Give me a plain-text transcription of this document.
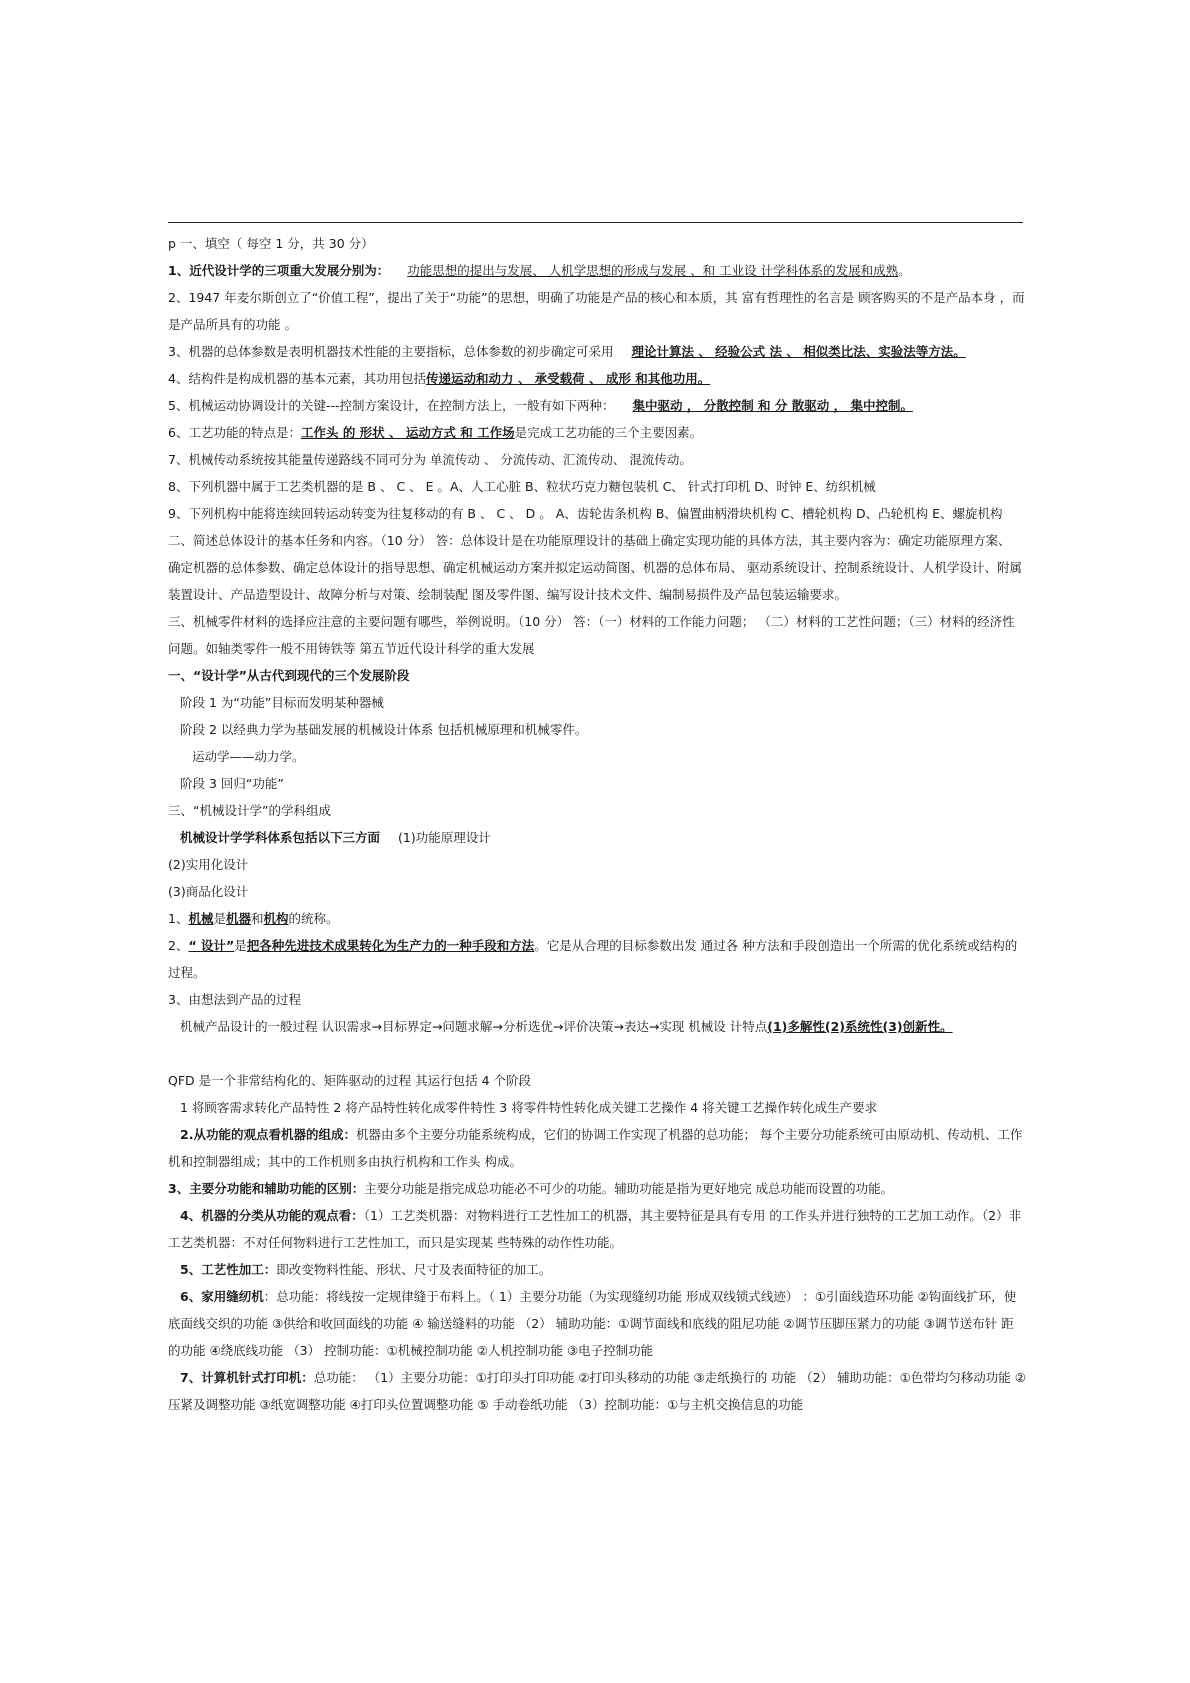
p 一、填空（ 每空 1 分，共 30 分）

1、近代设计学的三项重大发展分别为： 功能思想的提出与发展、 人机学思想的形成与发展 、和 工业设 计学科体系的发展和成熟。

2、1947 年麦尔斯创立了“价值工程”，提出了关于“功能”的思想，明确了功能是产品的核心和本质，其 富有哲理性的名言是 顾客购买的不是产品本身 ，而是产品所具有的功能 。

3、机器的总体参数是表明机器技术性能的主要指标，总体参数的初步确定可采用 理论计算法 、 经验公式 法 、 相似类比法、实验法等方法。

4、结构件是构成机器的基本元素，其功用包括传递运动和动力 、 承受载荷 、 成形 和其他功用。

5、机械运动协调设计的关键---控制方案设计，在控制方法上，一般有如下两种： 集中驱动 ， 分散控制 和 分 散驱动 ， 集中控制。

6、工艺功能的特点是：工作头 的 形状 、 运动方式 和 工作场是完成工艺功能的三个主要因素。

7、机械传动系统按其能量传递路线不同可分为 单流传动 、 分流传动、汇流传动、 混流传动。

8、下列机器中属于工艺类机器的是 B 、 C 、 E 。A、人工心脏 B、粒状巧克力糖包装机 C、 针式打印机 D、时钟 E、纺织机械

9、下列机构中能将连续回转运动转变为往复移动的有 B 、 C 、 D 。 A、齿轮齿条机构 B、偏置曲柄滑块机构 C、槽轮机构 D、凸轮机构 E、螺旋机构

二、简述总体设计的基本任务和内容。（10 分） 答：总体设计是在功能原理设计的基础上确定实现功能的具体方法，其主要内容为：确定功能原理方案、 确定机器的总体参数、确定总体设计的指导思想、确定机械运动方案并拟定运动简图、机器的总体布局、 驱动系统设计、控制系统设计、人机学设计、附属装置设计、产品造型设计、故障分析与对策、绘制装配 图及零件图、编写设计技术文件、编制易损件及产品包装运输要求。

三、机械零件材料的选择应注意的主要问题有哪些，举例说明。（10 分） 答：（一）材料的工作能力问题； （二）材料的工艺性问题；（三）材料的经济性问题。如轴类零件一般不用铸铁等 第五节近代设计科学的重大发展

一、“设计学”从古代到现代的三个发展阶段

阶段 1 为“功能”目标而发明某种器械

阶段 2 以经典力学为基础发展的机械设计体系 包括机械原理和机械零件。

运动学——动力学。

阶段 3 回归“功能”

三、“机械设计学”的学科组成

机械设计学学科体系包括以下三方面 (1)功能原理设计

(2)实用化设计

(3)商品化设计

1、机械是机器和机构的统称。

2、“ 设计”是把各种先进技术成果转化为生产力的一种手段和方法。它是从合理的目标参数出发 通过各 种方法和手段创造出一个所需的优化系统或结构的过程。

3、由想法到产品的过程

机械产品设计的一般过程 认识需求→目标界定→问题求解→分析选优→评价决策→表达→实现 机械设 计特点(1)多解性(2)系统性(3)创新性。

QFD 是一个非常结构化的、矩阵驱动的过程 其运行包括 4 个阶段

1 将顾客需求转化产品特性 2 将产品特性转化成零件特性 3 将零件特性转化成关键工艺操作 4 将关键工艺操作转化成生产要求

2.从功能的观点看机器的组成：机器由多个主要分功能系统构成，它们的协调工作实现了机器的总功能； 每个主要分功能系统可由原动机、传动机、工作机和控制器组成；其中的工作机则多由执行机构和工作头 构成。

3、主要分功能和辅助功能的区别：主要分功能是指完成总功能必不可少的功能。辅助功能是指为更好地完 成总功能而设置的功能。

4、机器的分类从功能的观点看：（1）工艺类机器：对物料进行工艺性加工的机器，其主要特征是具有专用 的工作头并进行独特的工艺加工动作。（2）非工艺类机器：不对任何物料进行工艺性加工，而只是实现某 些特殊的动作性功能。

5、工艺性加工：即改变物料性能、形状、尺寸及表面特征的加工。

6、家用缝纫机：总功能：将线按一定规律缝于布料上。（ 1）主要分功能（为实现缝纫功能 形成双线锁式线迹） ：①引面线造环功能 ②钩面线扩环，使底面线交织的功能 ③供给和收回面线的功能 ④ 输送缝料的功能 （2） 辅助功能：①调节面线和底线的阻尼功能 ②调节压脚压紧力的功能 ③调节送布针 距的功能 ④绕底线功能 （3） 控制功能：①机械控制功能 ②人机控制功能 ③电子控制功能

7、计算机针式打印机：总功能： （1）主要分功能：①打印头打印功能 ②打印头移动的功能 ③走纸换行的 功能 （2） 辅助功能：①色带均匀移动功能 ②压紧及调整功能 ③纸宽调整功能 ④打印头位置调整功能 ⑤ 手动卷纸功能 （3）控制功能：①与主机交换信息的功能
